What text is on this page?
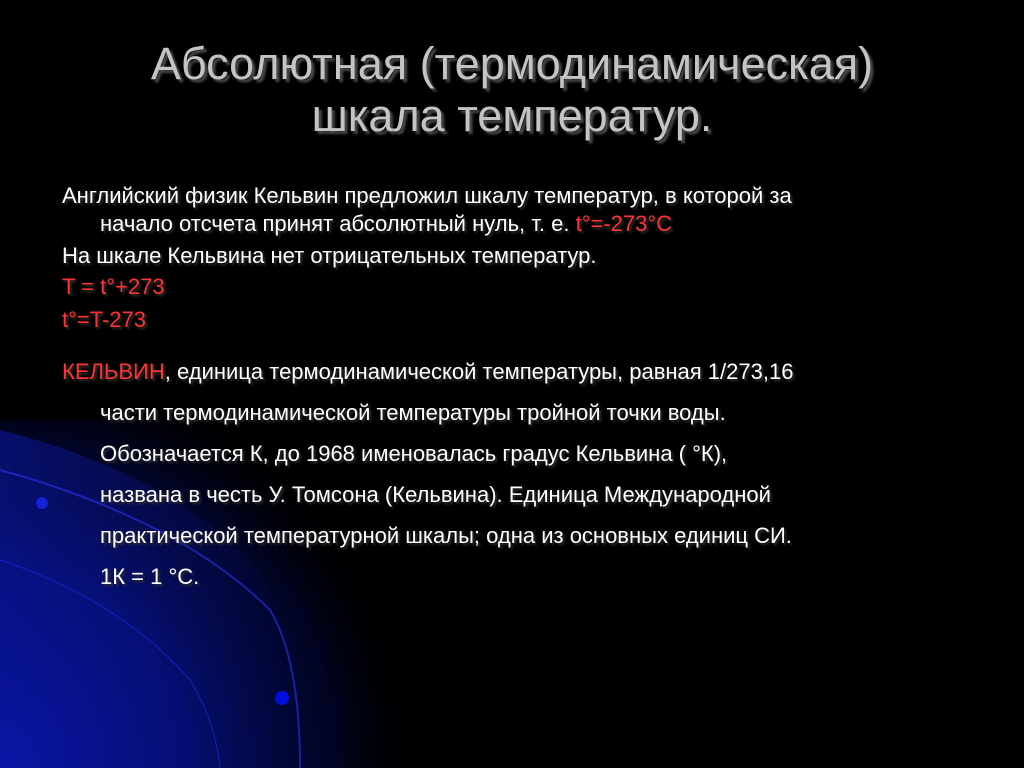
Абсолютная (термодинамическая)
шкала температур.
Английский физик Кельвин предложил шкалу температур, в которой за
начало отсчета принят абсолютный нуль, т. е. t°=-273°C
На шкале Кельвина нет отрицательных температур.
T = t°+273
t°=T-273
КЕЛЬВИН, единица термодинамической температуры, равная 1/273,16
части термодинамической температуры тройной точки воды.
Обозначается К, до 1968 именовалась градус Кельвина ( °К),
названа в честь У. Томсона (Кельвина). Единица Международной
практической температурной шкалы; одна из основных единиц СИ.
1К = 1 °С.
